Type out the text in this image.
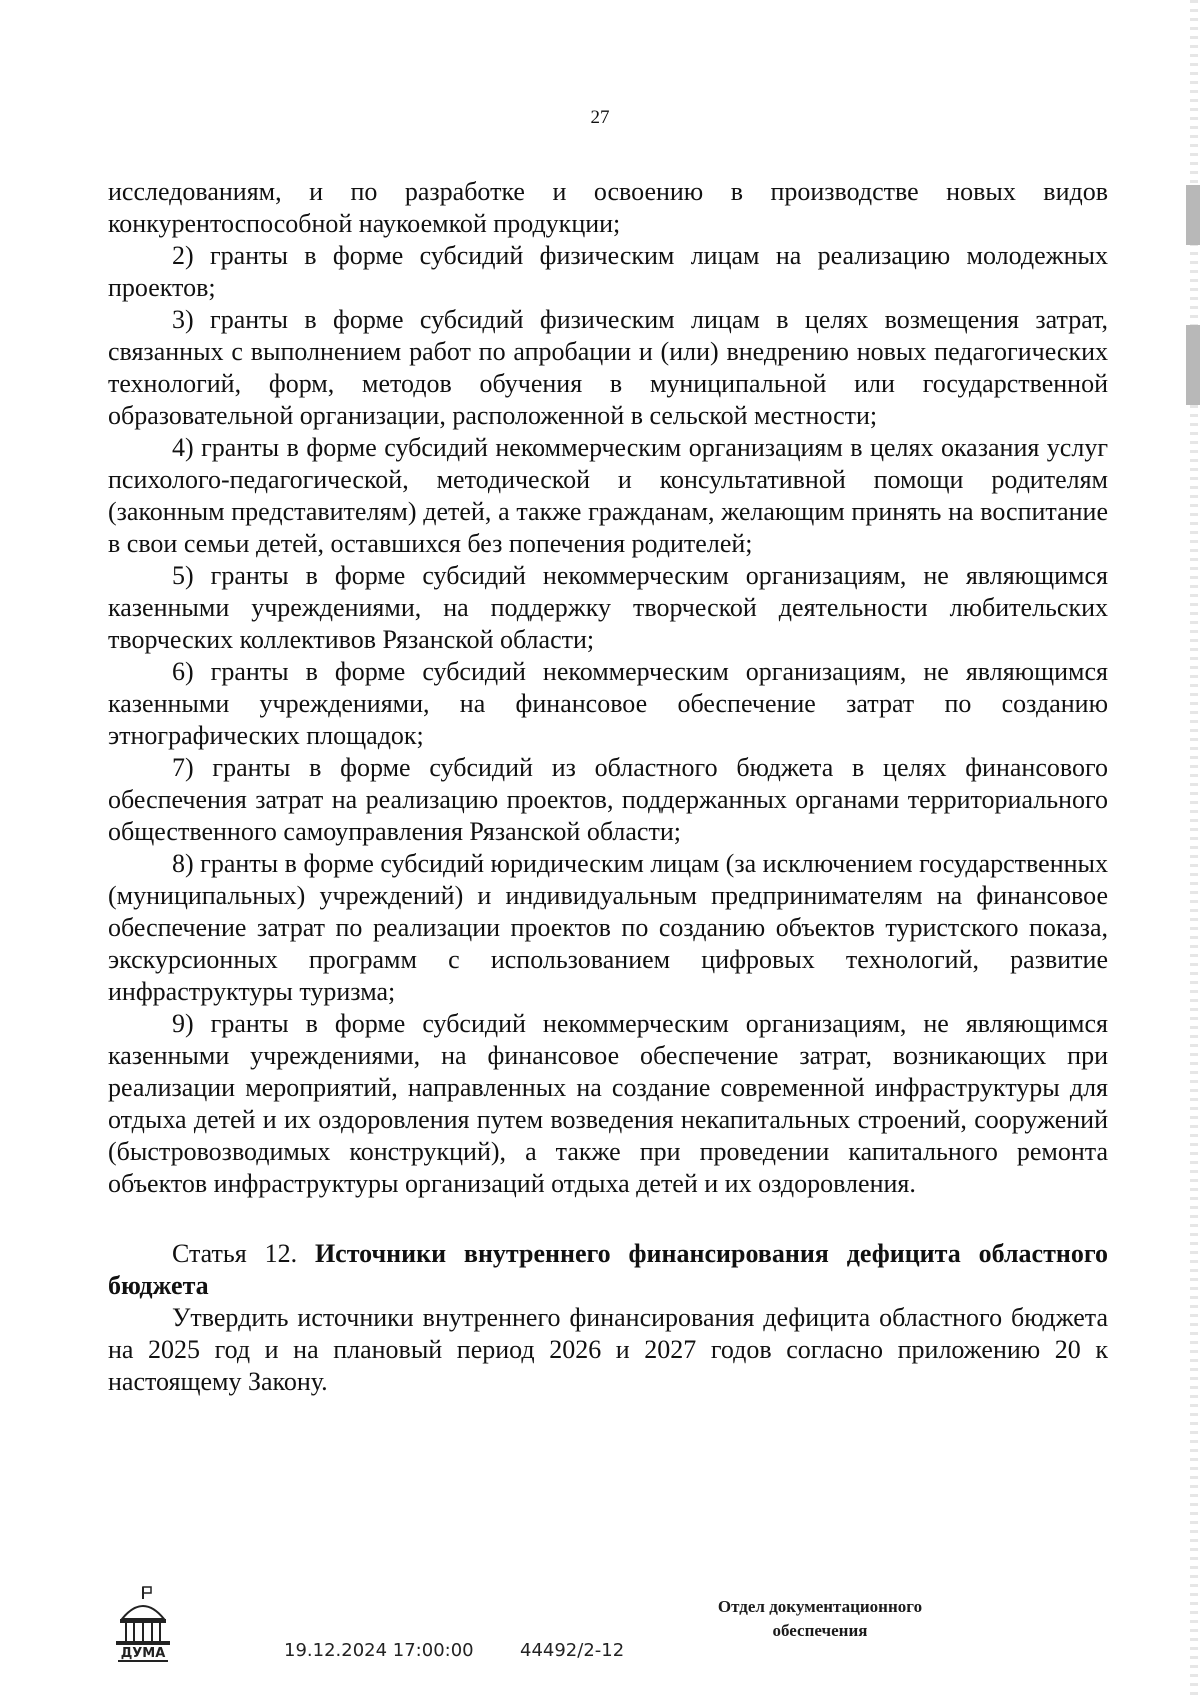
27

исследованиям, и по разработке и освоению в производстве новых видов конкурентоспособной наукоемкой продукции;

2) гранты в форме субсидий физическим лицам на реализацию молодежных проектов;

3) гранты в форме субсидий физическим лицам в целях возмещения затрат, связанных с выполнением работ по апробации и (или) внедрению новых педагогических технологий, форм, методов обучения в муниципальной или государственной образовательной организации, расположенной в сельской местности;

4) гранты в форме субсидий некоммерческим организациям в целях оказания услуг психолого-педагогической, методической и консультативной помощи родителям (законным представителям) детей, а также гражданам, желающим принять на воспитание в свои семьи детей, оставшихся без попечения родителей;

5) гранты в форме субсидий некоммерческим организациям, не являющимся казенными учреждениями, на поддержку творческой деятельности любительских творческих коллективов Рязанской области;

6) гранты в форме субсидий некоммерческим организациям, не являющимся казенными учреждениями, на финансовое обеспечение затрат по созданию этнографических площадок;

7) гранты в форме субсидий из областного бюджета в целях финансового обеспечения затрат на реализацию проектов, поддержанных органами территориального общественного самоуправления Рязанской области;

8) гранты в форме субсидий юридическим лицам (за исключением государственных (муниципальных) учреждений) и индивидуальным предпринимателям на финансовое обеспечение затрат по реализации проектов по созданию объектов туристского показа, экскурсионных программ с использованием цифровых технологий, развитие инфраструктуры туризма;

9) гранты в форме субсидий некоммерческим организациям, не являющимся казенными учреждениями, на финансовое обеспечение затрат, возникающих при реализации мероприятий, направленных на создание современной инфраструктуры для отдыха детей и их оздоровления путем возведения некапитальных строений, сооружений (быстровозводимых конструкций), а также при проведении капитального ремонта объектов инфраструктуры организаций отдыха детей и их оздоровления.

Статья 12. Источники внутреннего финансирования дефицита областного бюджета

Утвердить источники внутреннего финансирования дефицита областного бюджета на 2025 год и на плановый период 2026 и 2027 годов согласно приложению 20 к настоящему Закону.

ДУМА	19.12.2024 17:00:00	44492/2-12
Отдел документационного
обеспечения
